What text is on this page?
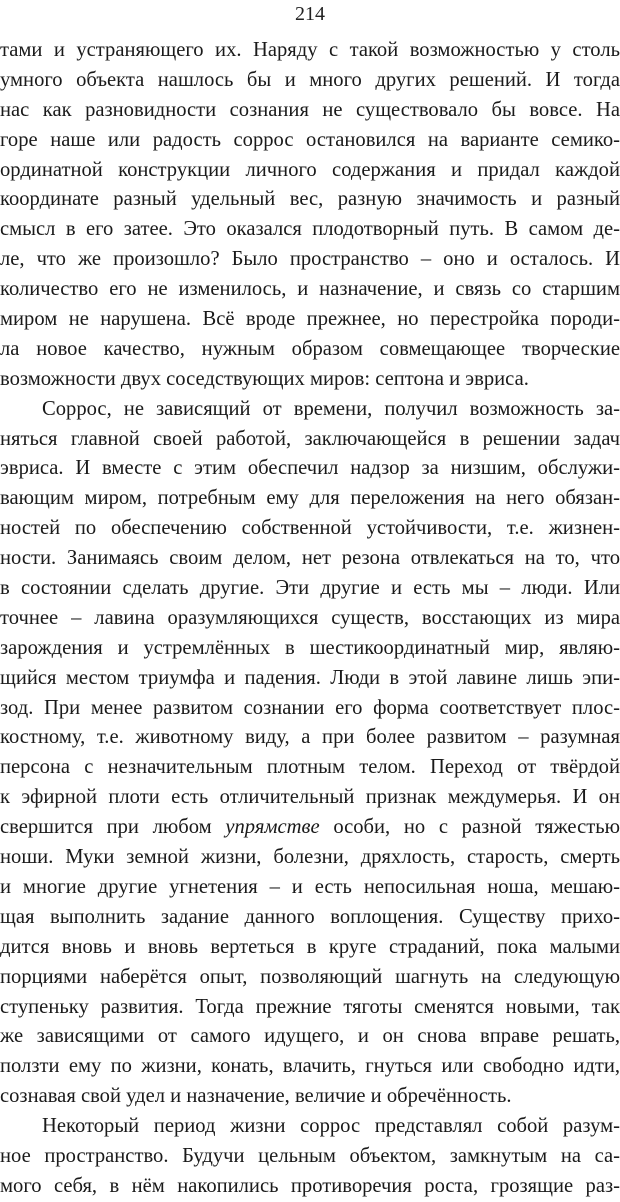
214
тами и устраняющего их. Наряду с такой возможностью у столь
умного объекта нашлось бы и много других решений. И тогда
нас как разновидности сознания не существовало бы вовсе. На
горе наше или радость соррос остановился на варианте семико-
ординатной конструкции личного содержания и придал каждой
координате разный удельный вес, разную значимость и разный
смысл в его затее. Это оказался плодотворный путь. В самом де-
ле, что же произошло? Было пространство – оно и осталось. И
количество его не изменилось, и назначение, и связь со старшим
миром не нарушена. Всё вроде прежнее, но перестройка породи-
ла новое качество, нужным образом совмещающее творческие
возможности двух соседствующих миров: септона и эвриса.
Соррос, не зависящий от времени, получил возможность за-
няться главной своей работой, заключающейся в решении задач
эвриса. И вместе с этим обеспечил надзор за низшим, обслужи-
вающим миром, потребным ему для переложения на него обязан-
ностей по обеспечению собственной устойчивости, т.е. жизнен-
ности. Занимаясь своим делом, нет резона отвлекаться на то, что
в состоянии сделать другие. Эти другие и есть мы – люди. Или
точнее – лавина оразумляющихся существ, восстающих из мира
зарождения и устремлённых в шестикоординатный мир, являю-
щийся местом триумфа и падения. Люди в этой лавине лишь эпи-
зод. При менее развитом сознании его форма соответствует плос-
костному, т.е. животному виду, а при более развитом – разумная
персона с незначительным плотным телом. Переход от твёрдой
к эфирной плоти есть отличительный признак междумерья. И он
свершится при любом упрямстве особи, но с разной тяжестью
ноши. Муки земной жизни, болезни, дряхлость, старость, смерть
и многие другие угнетения – и есть непосильная ноша, мешаю-
щая выполнить задание данного воплощения. Существу прихо-
дится вновь и вновь вертеться в круге страданий, пока малыми
порциями наберётся опыт, позволяющий шагнуть на следующую
ступеньку развития. Тогда прежние тяготы сменятся новыми, так
же зависящими от самого идущего, и он снова вправе решать,
ползти ему по жизни, конать, влачить, гнуться или свободно идти,
сознавая свой удел и назначение, величие и обречённость.
Некоторый период жизни соррос представлял собой разум-
ное пространство. Будучи цельным объектом, замкнутым на са-
мого себя, в нём накопились противоречия роста, грозящие раз-
